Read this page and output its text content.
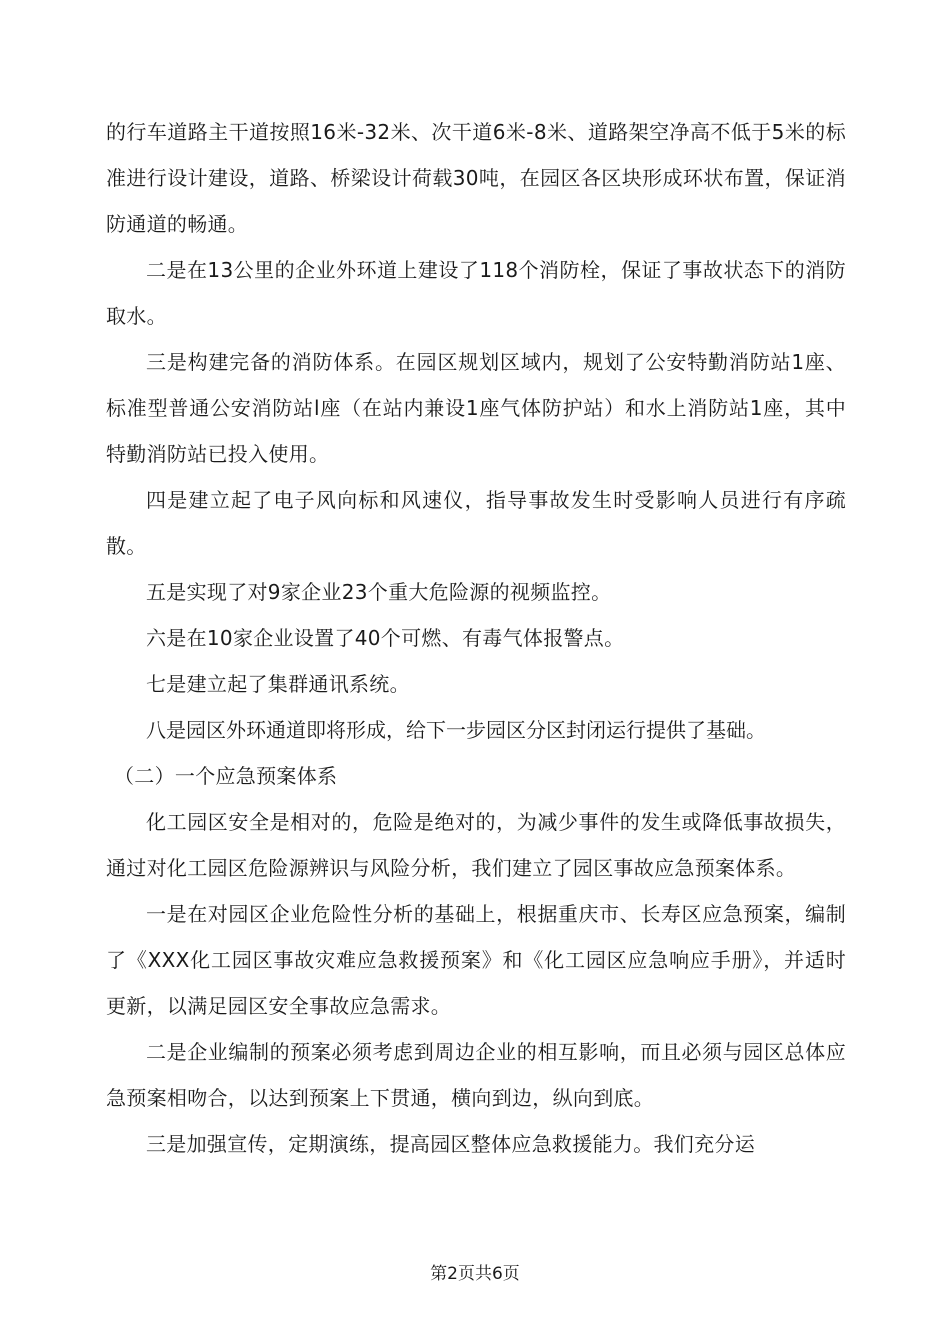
的行车道路主干道按照16米-32米、次干道6米-8米、道路架空净高不低于5米的标准进行设计建设，道路、桥梁设计荷载30吨，在园区各区块形成环状布置，保证消防通道的畅通。

二是在13公里的企业外环道上建设了118个消防栓，保证了事故状态下的消防取水。

三是构建完备的消防体系。在园区规划区域内，规划了公安特勤消防站1座、标准型普通公安消防站l座（在站内兼设1座气体防护站）和水上消防站1座，其中特勤消防站已投入使用。

四是建立起了电子风向标和风速仪，指导事故发生时受影响人员进行有序疏散。

五是实现了对9家企业23个重大危险源的视频监控。

六是在10家企业设置了40个可燃、有毒气体报警点。

七是建立起了集群通讯系统。

八是园区外环通道即将形成，给下一步园区分区封闭运行提供了基础。

（二）一个应急预案体系

化工园区安全是相对的，危险是绝对的，为减少事件的发生或降低事故损失，通过对化工园区危险源辨识与风险分析，我们建立了园区事故应急预案体系。

一是在对园区企业危险性分析的基础上，根据重庆市、长寿区应急预案，编制了《XXX化工园区事故灾难应急救援预案》和《化工园区应急响应手册》，并适时更新，以满足园区安全事故应急需求。

二是企业编制的预案必须考虑到周边企业的相互影响，而且必须与园区总体应急预案相吻合，以达到预案上下贯通，横向到边，纵向到底。

三是加强宣传，定期演练，提高园区整体应急救援能力。我们充分运

第2页共6页
